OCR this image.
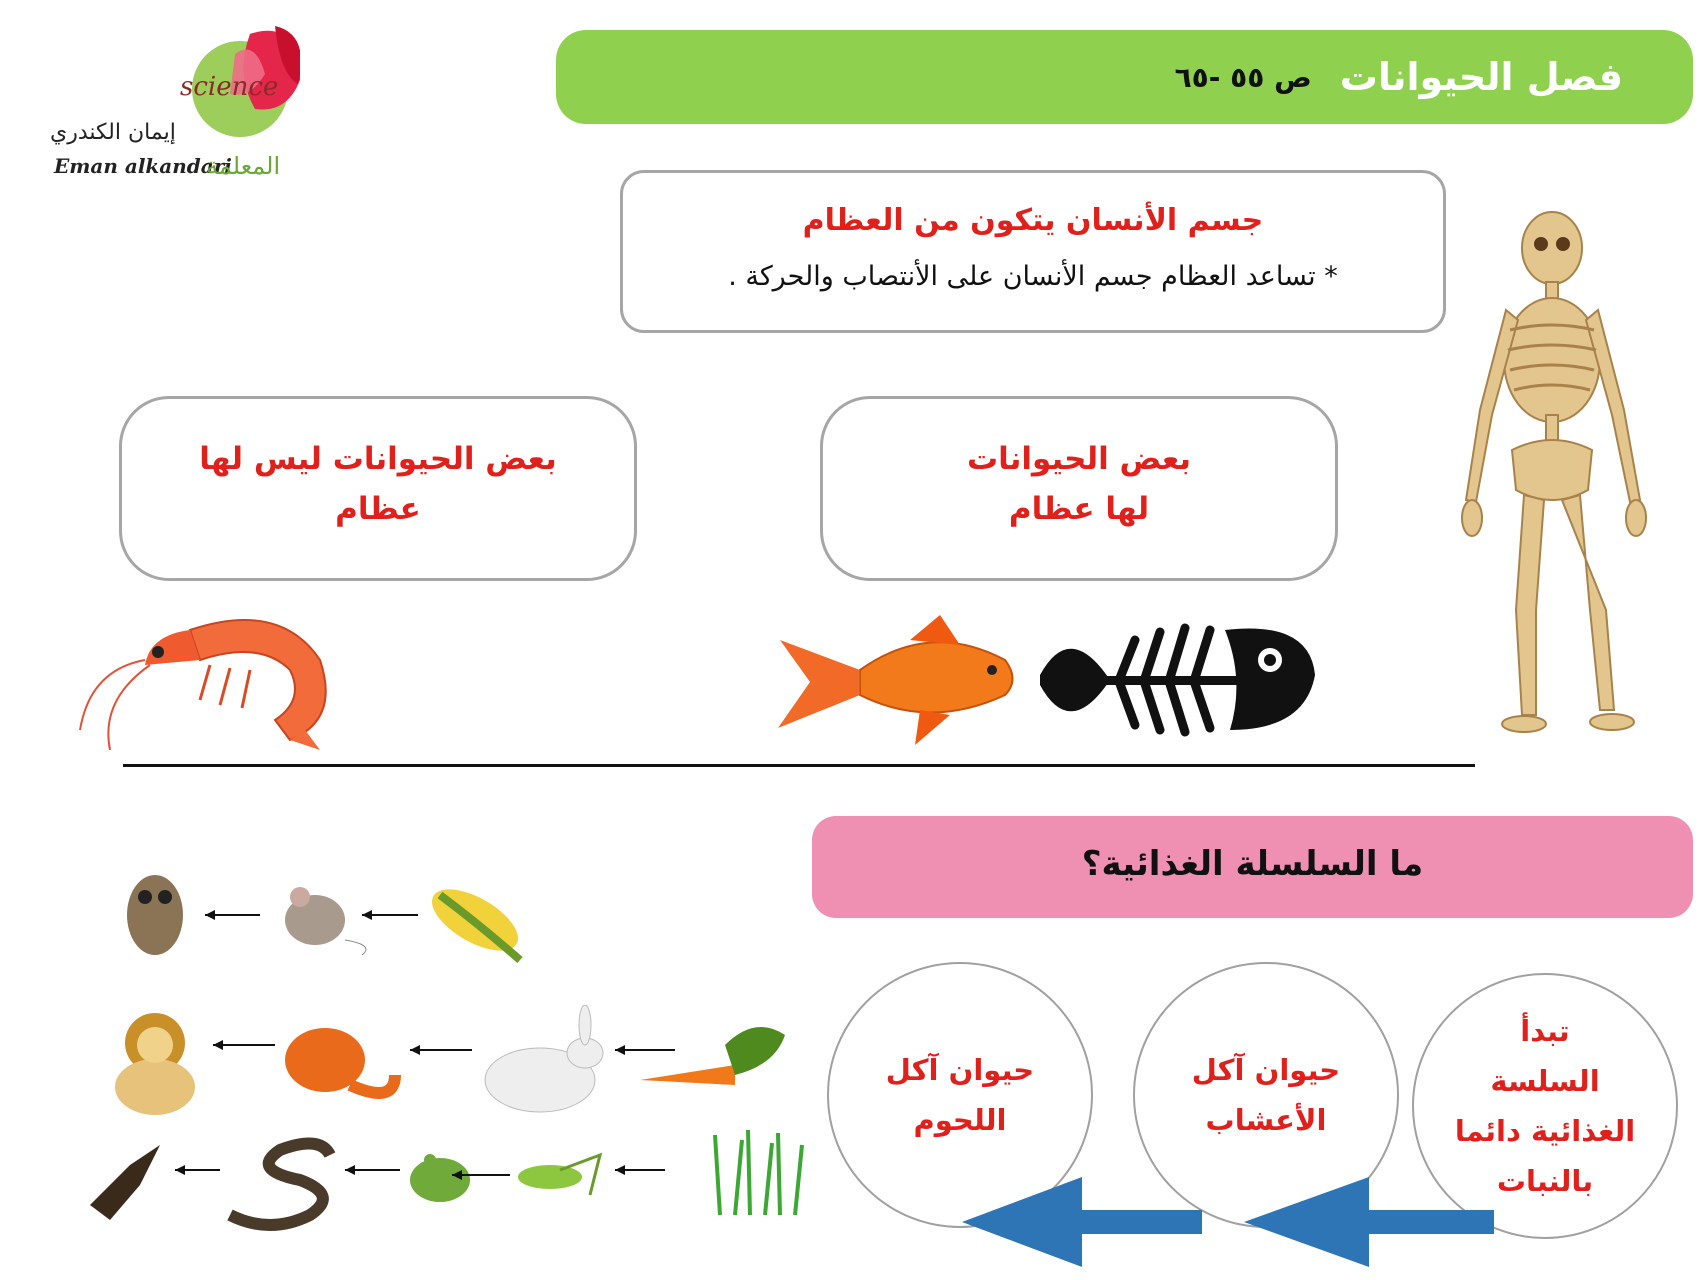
science
إيمان الكندري
Eman alkandari
المعلمة
فصل الحيوانات
ص ٥٥ -٦٥
جسم الأنسان يتكون من العظام
* تساعد العظام جسم الأنسان على الأنتصاب والحركة .
بعض الحيوانات
لها عظام
بعض الحيوانات ليس لها
عظام
ما السلسلة الغذائية؟
تبدأ
السلسة
الغذائية دائما
بالنبات
حيوان آكل
الأعشاب
حيوان آكل
اللحوم
